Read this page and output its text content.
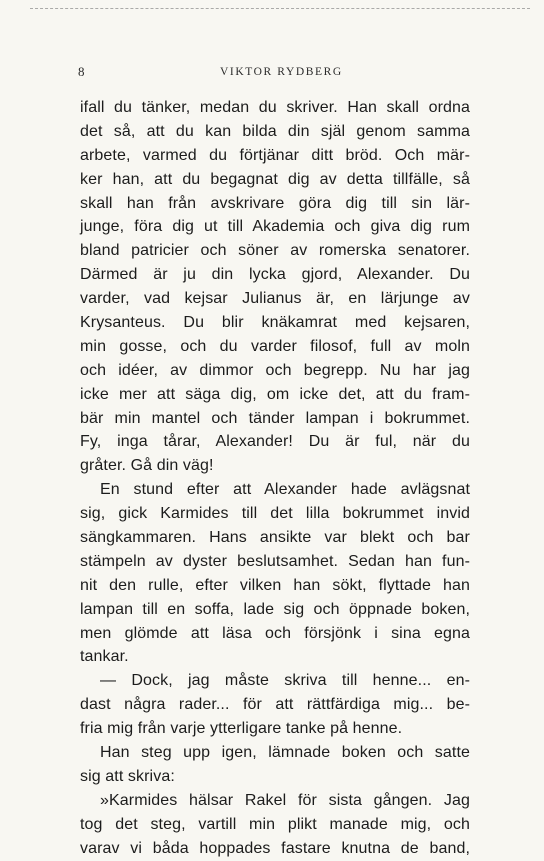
8	VIKTOR RYDBERG
ifall du tänker, medan du skriver. Han skall ordna
det så, att du kan bilda din själ genom samma
arbete, varmed du förtjänar ditt bröd. Och mär-
ker han, att du begagnat dig av detta tillfälle, så
skall han från avskrivare göra dig till sin lär-
junge, föra dig ut till Akademia och giva dig rum
bland patricier och söner av romerska senatorer.
Därmed är ju din lycka gjord, Alexander. Du
varder, vad kejsar Julianus är, en lärjunge av
Krysanteus. Du blir knäkamrat med kejsaren,
min gosse, och du varder filosof, full av moln
och idéer, av dimmor och begrepp. Nu har jag
icke mer att säga dig, om icke det, att du fram-
bär min mantel och tänder lampan i bokrummet.
Fy, inga tårar, Alexander! Du är ful, när du
gråter. Gå din väg!
En stund efter att Alexander hade avlägsnat
sig, gick Karmides till det lilla bokrummet invid
sängkammaren. Hans ansikte var blekt och bar
stämpeln av dyster beslutsamhet. Sedan han fun-
nit den rulle, efter vilken han sökt, flyttade han
lampan till en soffa, lade sig och öppnade boken,
men glömde att läsa och försjönk i sina egna
tankar.
— Dock, jag måste skriva till henne... en-
dast några rader... för att rättfärdiga mig... be-
fria mig från varje ytterligare tanke på henne.
Han steg upp igen, lämnade boken och satte
sig att skriva:
»Karmides hälsar Rakel för sista gången. Jag
tog det steg, vartill min plikt manade mig, och
varav vi båda hoppades fastare knutna de band,
